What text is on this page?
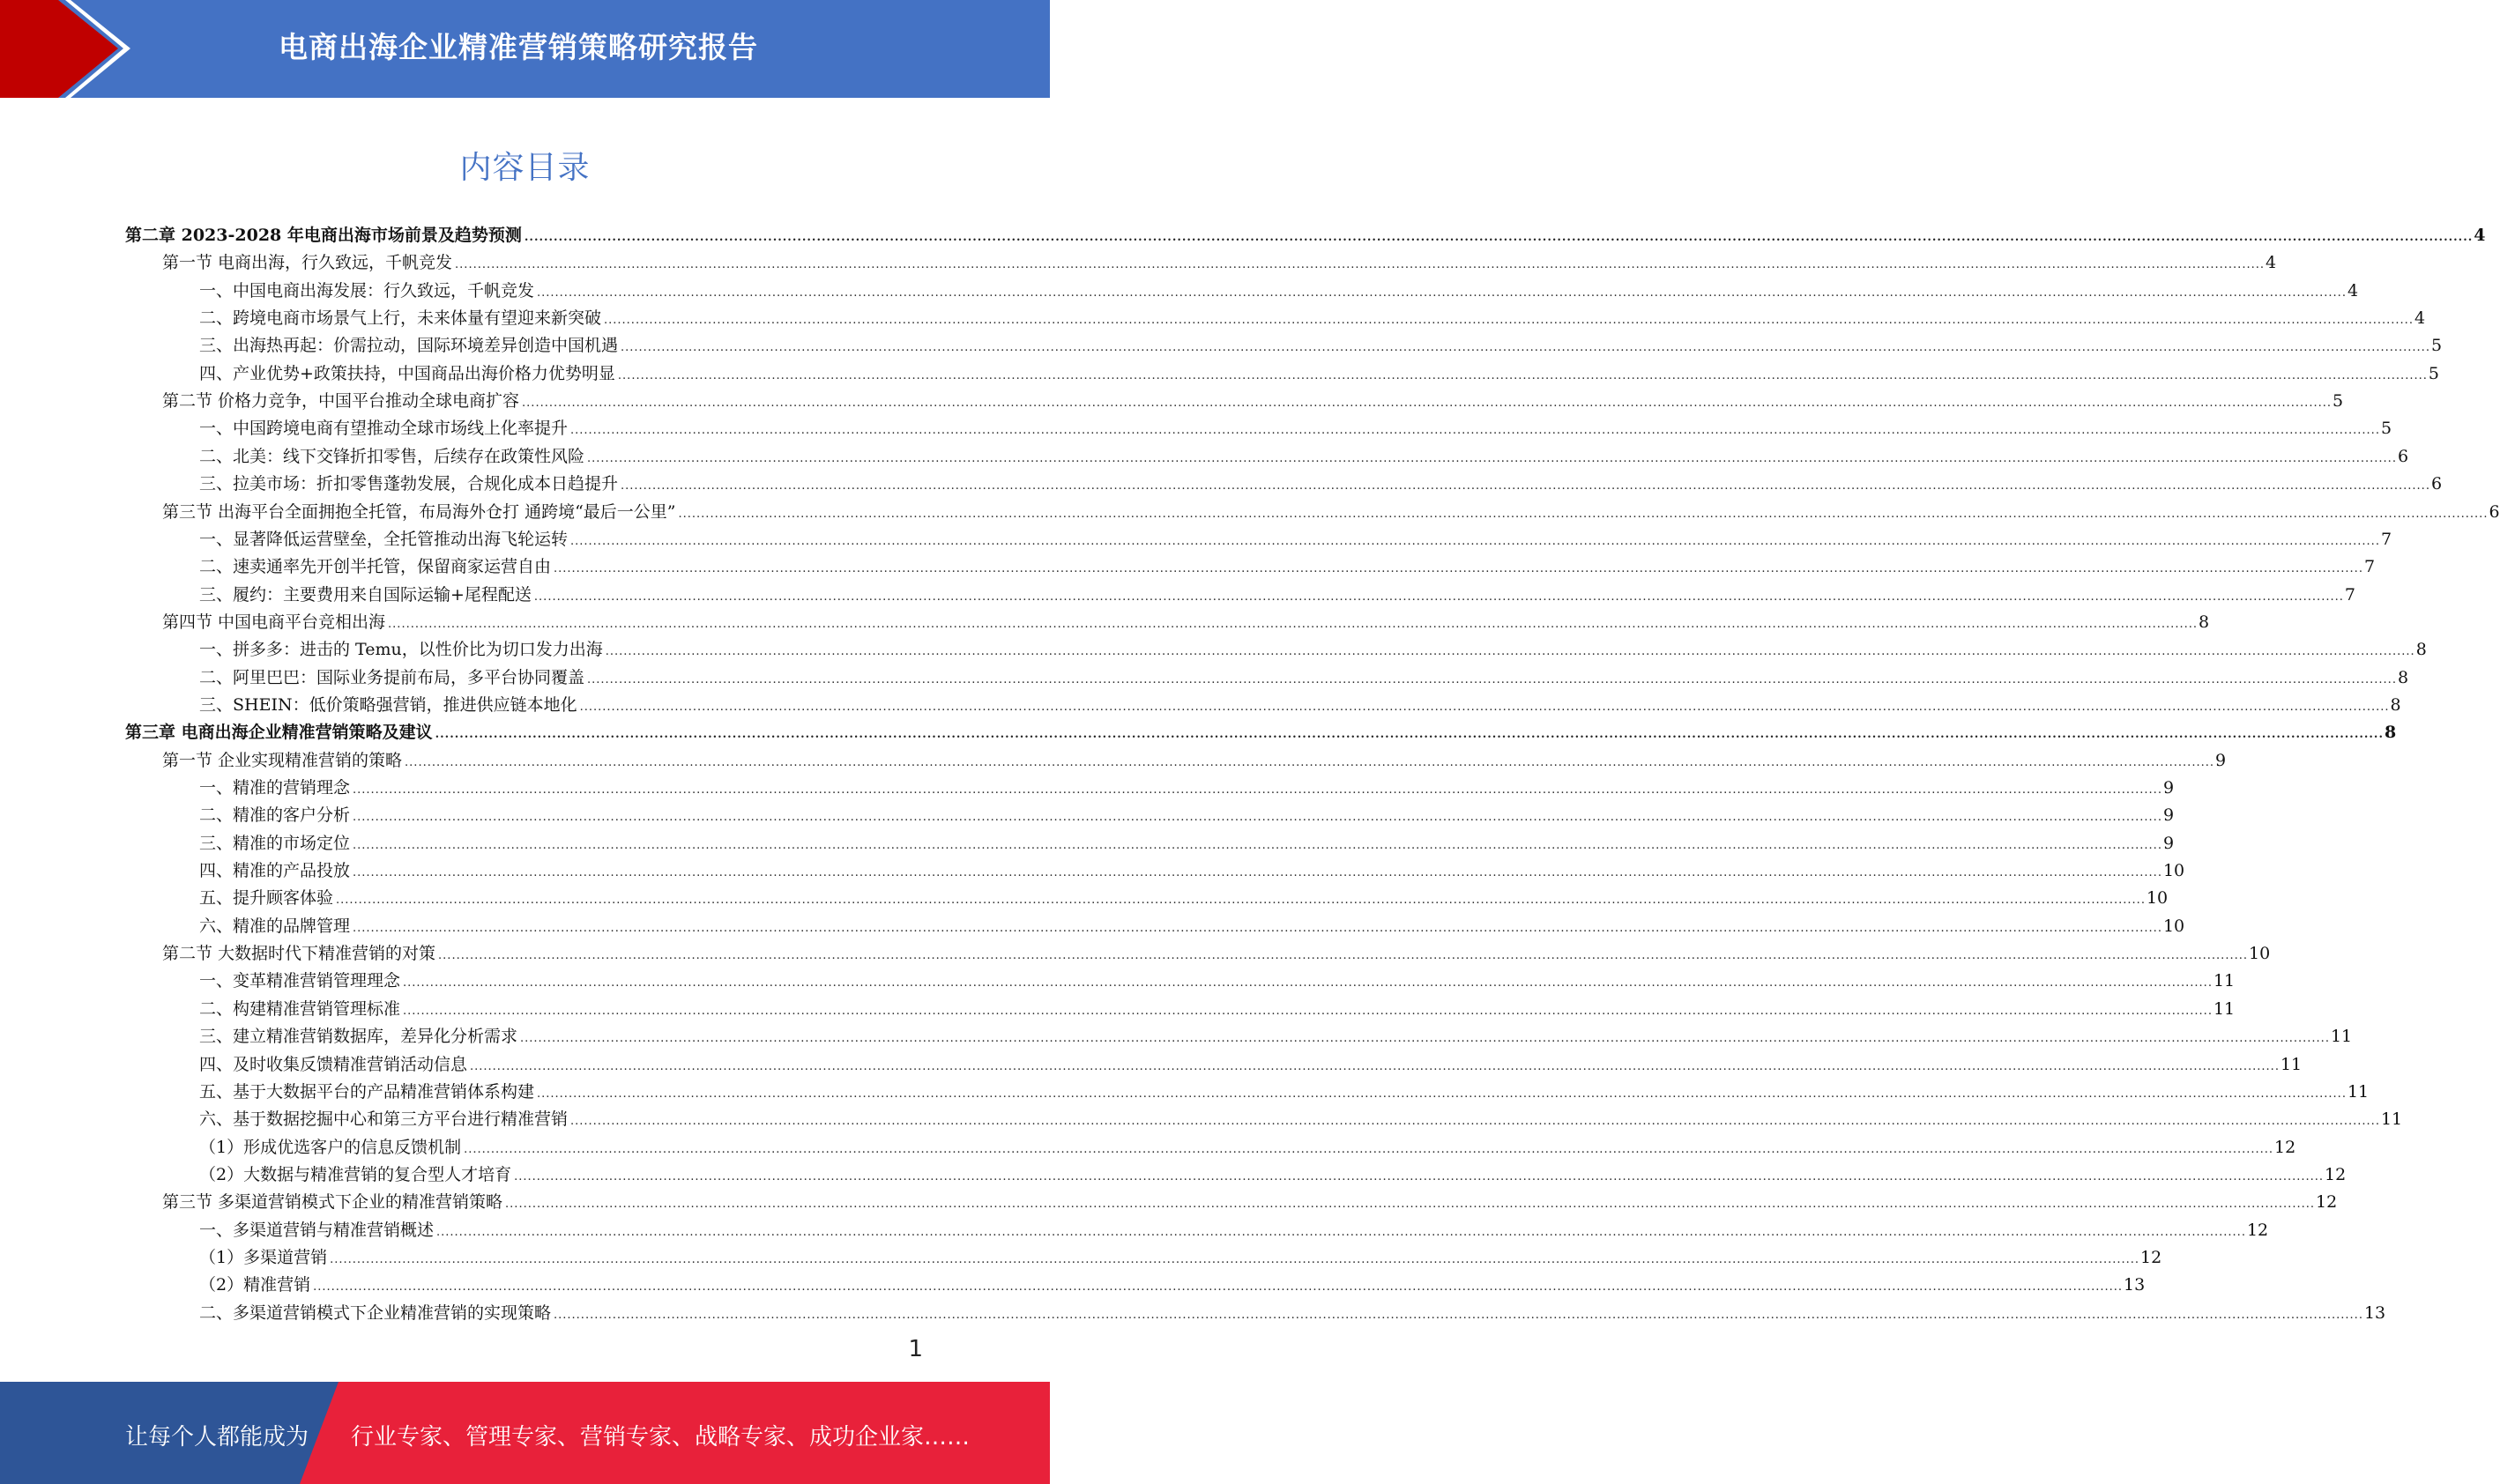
电商出海企业精准营销策略研究报告
内容目录
第二章 2023-2028 年电商出海市场前景及趋势预测 ................................................................................................................................................................................................................................................................................................................................................................................................................ 4
第一节 电商出海，行久致远，千帆竞发 ................................................................................................................................................................................................................................................................................................................................................................................................................ 4
一、中国电商出海发展：行久致远，千帆竞发 ................................................................................................................................................................................................................................................................................................................................................................................................................ 4
二、跨境电商市场景气上行，未来体量有望迎来新突破 ................................................................................................................................................................................................................................................................................................................................................................................................................ 4
三、出海热再起：价需拉动，国际环境差异创造中国机遇 ................................................................................................................................................................................................................................................................................................................................................................................................................ 5
四、产业优势+政策扶持，中国商品出海价格力优势明显 ................................................................................................................................................................................................................................................................................................................................................................................................................ 5
第二节 价格力竞争，中国平台推动全球电商扩容 ................................................................................................................................................................................................................................................................................................................................................................................................................ 5
一、中国跨境电商有望推动全球市场线上化率提升 ................................................................................................................................................................................................................................................................................................................................................................................................................ 5
二、北美：线下交锋折扣零售，后续存在政策性风险 ................................................................................................................................................................................................................................................................................................................................................................................................................ 6
三、拉美市场：折扣零售蓬勃发展，合规化成本日趋提升 ................................................................................................................................................................................................................................................................................................................................................................................................................ 6
第三节 出海平台全面拥抱全托管，布局海外仓打 通跨境“最后一公里” ................................................................................................................................................................................................................................................................................................................................................................................................................ 6
一、显著降低运营壁垒，全托管推动出海飞轮运转 ................................................................................................................................................................................................................................................................................................................................................................................................................ 7
二、速卖通率先开创半托管，保留商家运营自由 ................................................................................................................................................................................................................................................................................................................................................................................................................ 7
三、履约：主要费用来自国际运输+尾程配送 ................................................................................................................................................................................................................................................................................................................................................................................................................ 7
第四节 中国电商平台竞相出海 ................................................................................................................................................................................................................................................................................................................................................................................................................ 8
一、拼多多：进击的 Temu，以性价比为切口发力出海 ................................................................................................................................................................................................................................................................................................................................................................................................................ 8
二、阿里巴巴：国际业务提前布局，多平台协同覆盖 ................................................................................................................................................................................................................................................................................................................................................................................................................ 8
三、SHEIN：低价策略强营销，推进供应链本地化 ................................................................................................................................................................................................................................................................................................................................................................................................................ 8
第三章 电商出海企业精准营销策略及建议 ................................................................................................................................................................................................................................................................................................................................................................................................................ 8
第一节 企业实现精准营销的策略 ................................................................................................................................................................................................................................................................................................................................................................................................................ 9
一、精准的营销理念 ................................................................................................................................................................................................................................................................................................................................................................................................................ 9
二、精准的客户分析 ................................................................................................................................................................................................................................................................................................................................................................................................................ 9
三、精准的市场定位 ................................................................................................................................................................................................................................................................................................................................................................................................................ 9
四、精准的产品投放 ................................................................................................................................................................................................................................................................................................................................................................................................................ 10
五、提升顾客体验 ................................................................................................................................................................................................................................................................................................................................................................................................................ 10
六、精准的品牌管理 ................................................................................................................................................................................................................................................................................................................................................................................................................ 10
第二节 大数据时代下精准营销的对策 ................................................................................................................................................................................................................................................................................................................................................................................................................ 10
一、变革精准营销管理理念 ................................................................................................................................................................................................................................................................................................................................................................................................................ 11
二、构建精准营销管理标准 ................................................................................................................................................................................................................................................................................................................................................................................................................ 11
三、建立精准营销数据库，差异化分析需求 ................................................................................................................................................................................................................................................................................................................................................................................................................ 11
四、及时收集反馈精准营销活动信息 ................................................................................................................................................................................................................................................................................................................................................................................................................ 11
五、基于大数据平台的产品精准营销体系构建 ................................................................................................................................................................................................................................................................................................................................................................................................................ 11
六、基于数据挖掘中心和第三方平台进行精准营销 ................................................................................................................................................................................................................................................................................................................................................................................................................ 11
（1）形成优选客户的信息反馈机制 ................................................................................................................................................................................................................................................................................................................................................................................................................ 12
（2）大数据与精准营销的复合型人才培育 ................................................................................................................................................................................................................................................................................................................................................................................................................ 12
第三节 多渠道营销模式下企业的精准营销策略 ................................................................................................................................................................................................................................................................................................................................................................................................................ 12
一、多渠道营销与精准营销概述 ................................................................................................................................................................................................................................................................................................................................................................................................................ 12
（1）多渠道营销 ................................................................................................................................................................................................................................................................................................................................................................................................................ 12
（2）精准营销 ................................................................................................................................................................................................................................................................................................................................................................................................................ 13
二、多渠道营销模式下企业精准营销的实现策略 ................................................................................................................................................................................................................................................................................................................................................................................................................ 13
1
让每个人都能成为 行业专家、管理专家、营销专家、战略专家、成功企业家……
